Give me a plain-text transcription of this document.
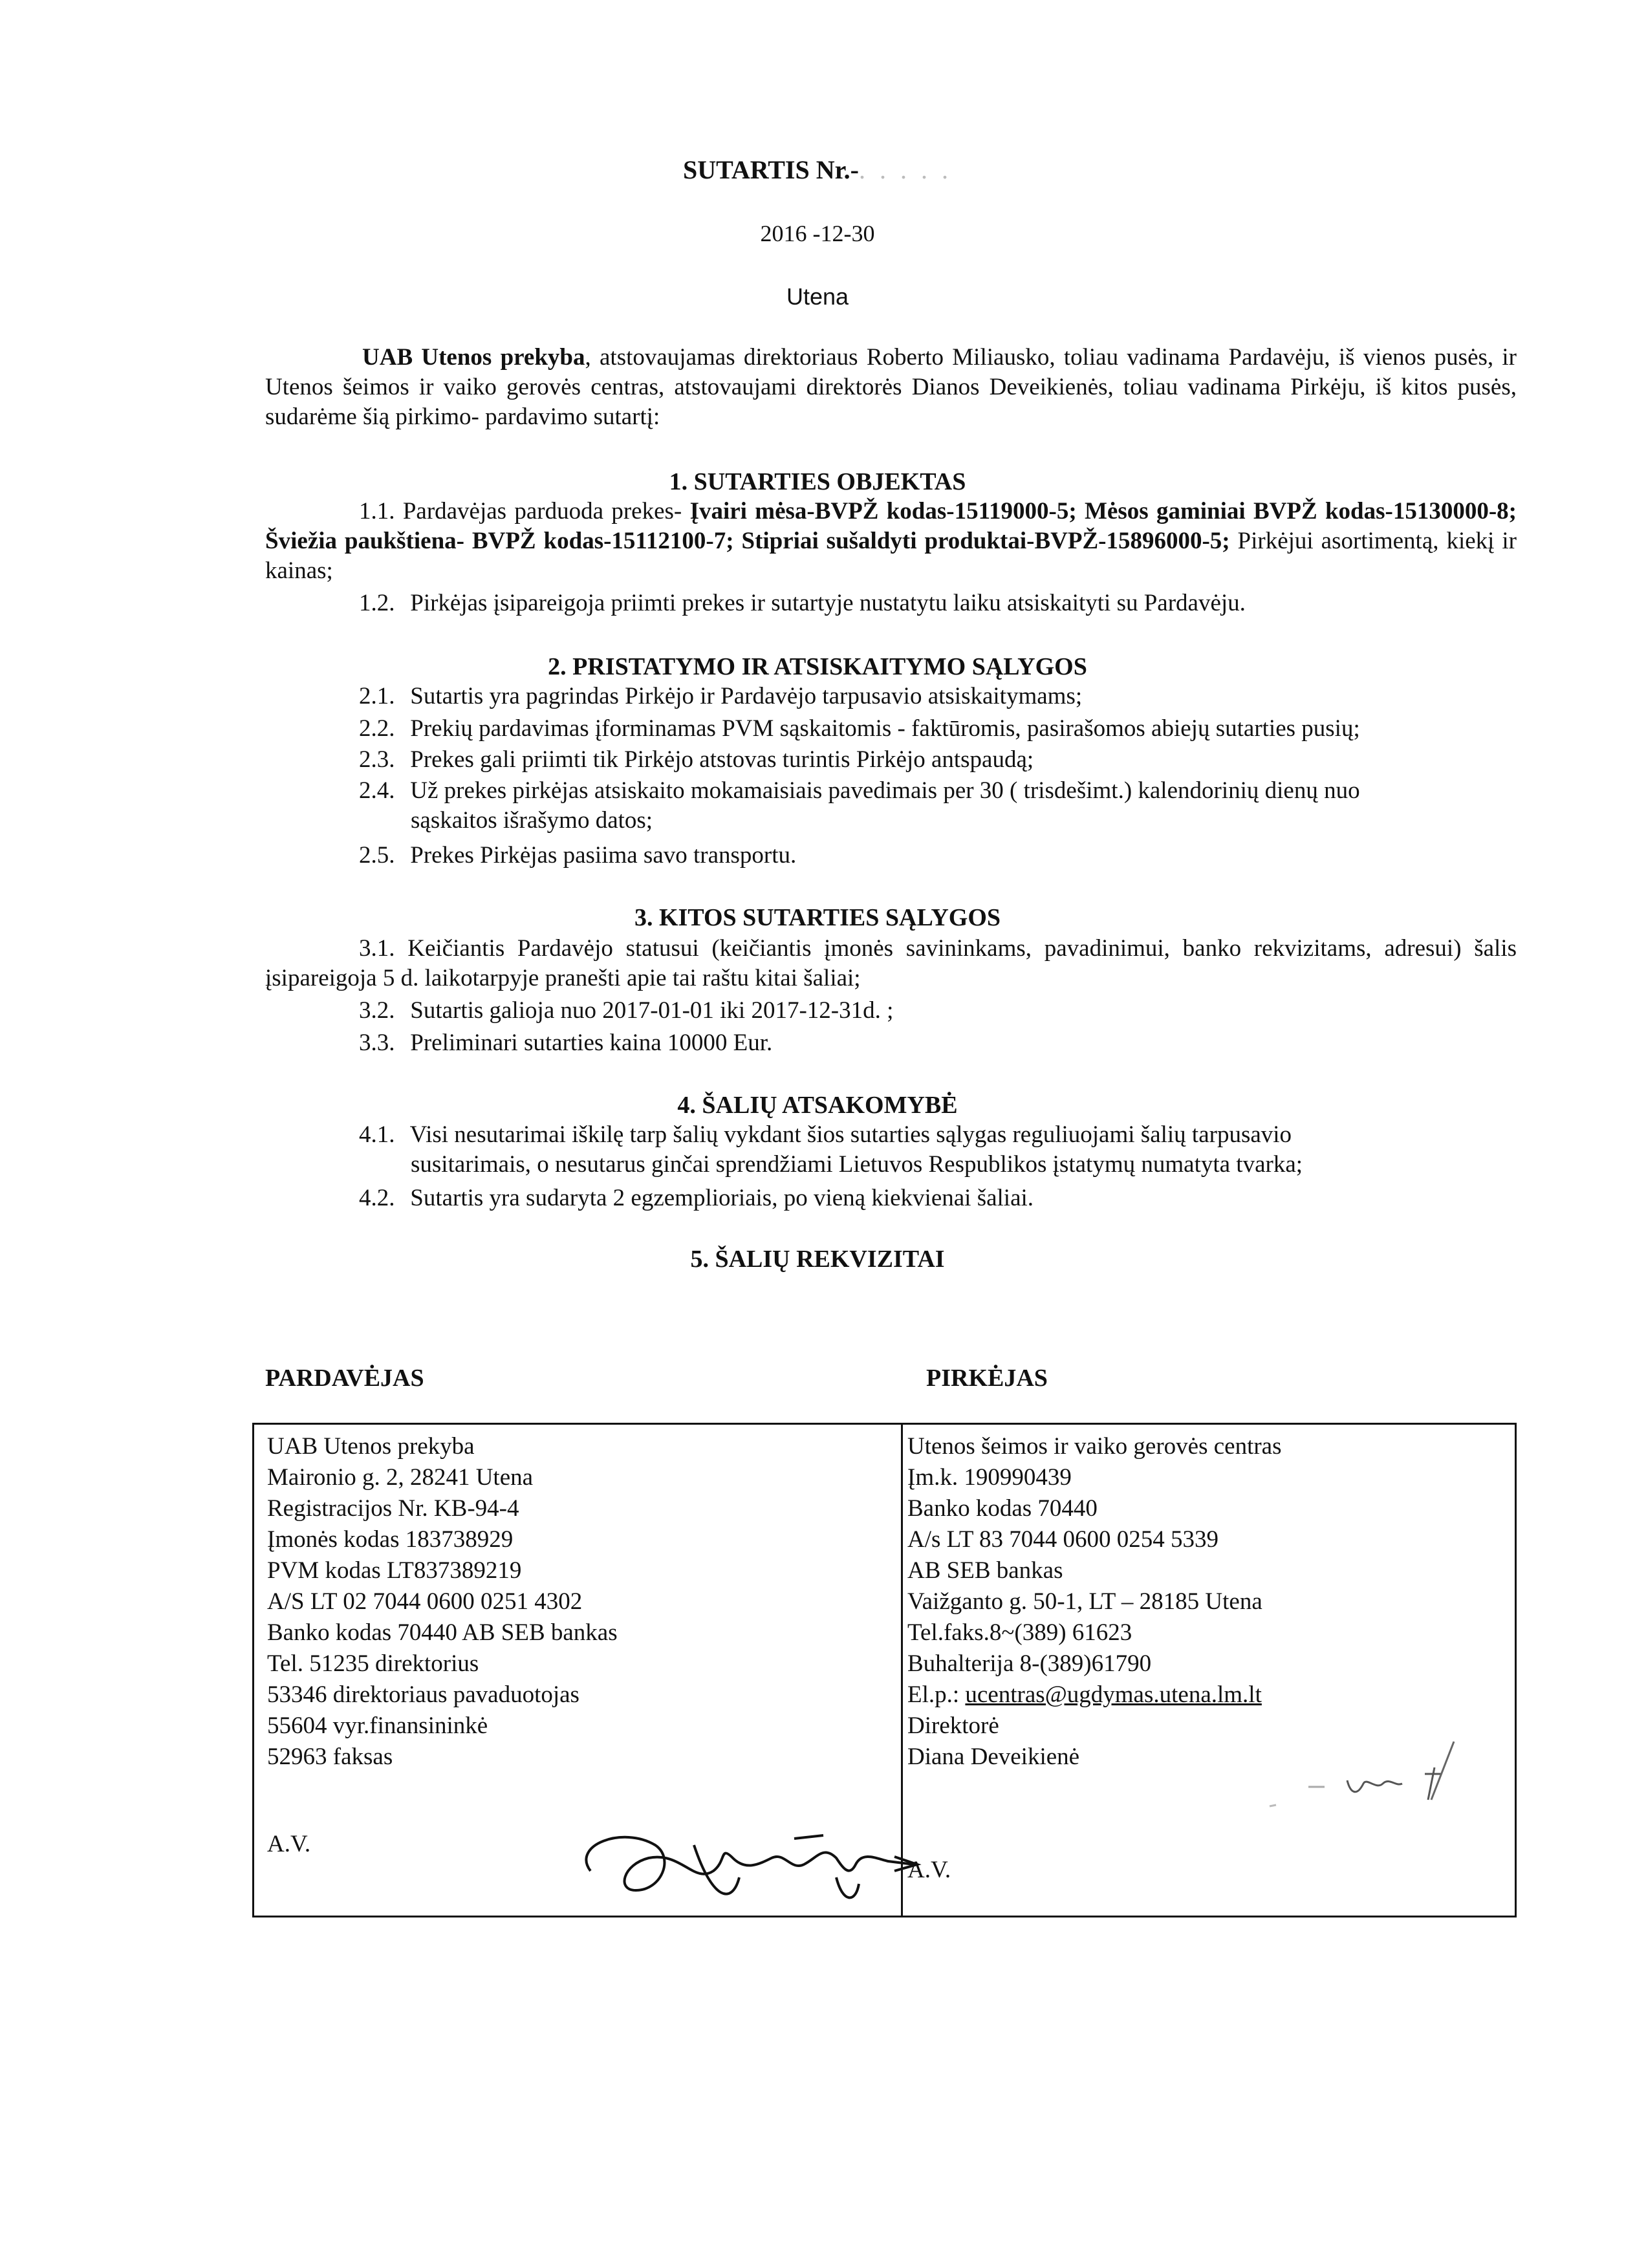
SUTARTIS Nr.-. . . . .
2016 -12-30
Utena
UAB Utenos prekyba, atstovaujamas direktoriaus Roberto Miliausko, toliau vadinama Pardavėju, iš vienos pusės, ir Utenos šeimos ir vaiko gerovės centras, atstovaujami direktorės Dianos Deveikienės, toliau vadinama Pirkėju, iš kitos pusės, sudarėme šią pirkimo- pardavimo sutartį:
1. SUTARTIES OBJEKTAS
1.1. Pardavėjas parduoda prekes- Įvairi mėsa-BVPŽ kodas-15119000-5; Mėsos gaminiai BVPŽ kodas-15130000-8; Šviežia paukštiena- BVPŽ kodas-15112100-7; Stipriai sušaldyti produktai-BVPŽ-15896000-5; Pirkėjui asortimentą, kiekį ir kainas;
1.2. Pirkėjas įsipareigoja priimti prekes ir sutartyje nustatytu laiku atsiskaityti su Pardavėju.
2. PRISTATYMO IR ATSISKAITYMO SĄLYGOS
2.1. Sutartis yra pagrindas Pirkėjo ir Pardavėjo tarpusavio atsiskaitymams;
2.2. Prekių pardavimas įforminamas PVM sąskaitomis - faktūromis, pasirašomos abiejų sutarties pusių;
2.3. Prekes gali priimti tik Pirkėjo atstovas turintis Pirkėjo antspaudą;
2.4. Už prekes pirkėjas atsiskaito mokamaisiais pavedimais per 30 ( trisdešimt.) kalendorinių dienų nuo
sąskaitos išrašymo datos;
2.5. Prekes Pirkėjas pasiima savo transportu.
3. KITOS SUTARTIES SĄLYGOS
3.1. Keičiantis Pardavėjo statusui (keičiantis įmonės savininkams, pavadinimui, banko rekvizitams, adresui) šalis įsipareigoja 5 d. laikotarpyje pranešti apie tai raštu kitai šaliai;
3.2. Sutartis galioja nuo 2017-01-01 iki 2017-12-31d. ;
3.3. Preliminari sutarties kaina 10000 Eur.
4. ŠALIŲ ATSAKOMYBĖ
4.1. Visi nesutarimai iškilę tarp šalių vykdant šios sutarties sąlygas reguliuojami šalių tarpusavio
susitarimais, o nesutarus ginčai sprendžiami Lietuvos Respublikos įstatymų numatyta tvarka;
4.2. Sutartis yra sudaryta 2 egzemplioriais, po vieną kiekvienai šaliai.
5. ŠALIŲ REKVIZITAI
PARDAVĖJAS	PIRKĖJAS
UAB Utenos prekyba
Maironio g. 2, 28241 Utena
Registracijos Nr. KB-94-4
Įmonės kodas 183738929
PVM kodas LT837389219
A/S LT 02 7044 0600 0251 4302
Banko kodas 70440 AB SEB bankas
Tel. 51235 direktorius
53346 direktoriaus pavaduotojas
55604 vyr.finansininkė
52963 faksas
Utenos šeimos ir vaiko gerovės centras
Įm.k. 190990439
Banko kodas 70440
A/s LT 83 7044 0600 0254 5339
AB SEB bankas
Vaižganto g. 50-1, LT – 28185 Utena
Tel.faks.8~(389) 61623
Buhalterija 8-(389)61790
El.p.: ucentras@ugdymas.utena.lm.lt
Direktorė
Diana Deveikienė
A.V.
A.V.
